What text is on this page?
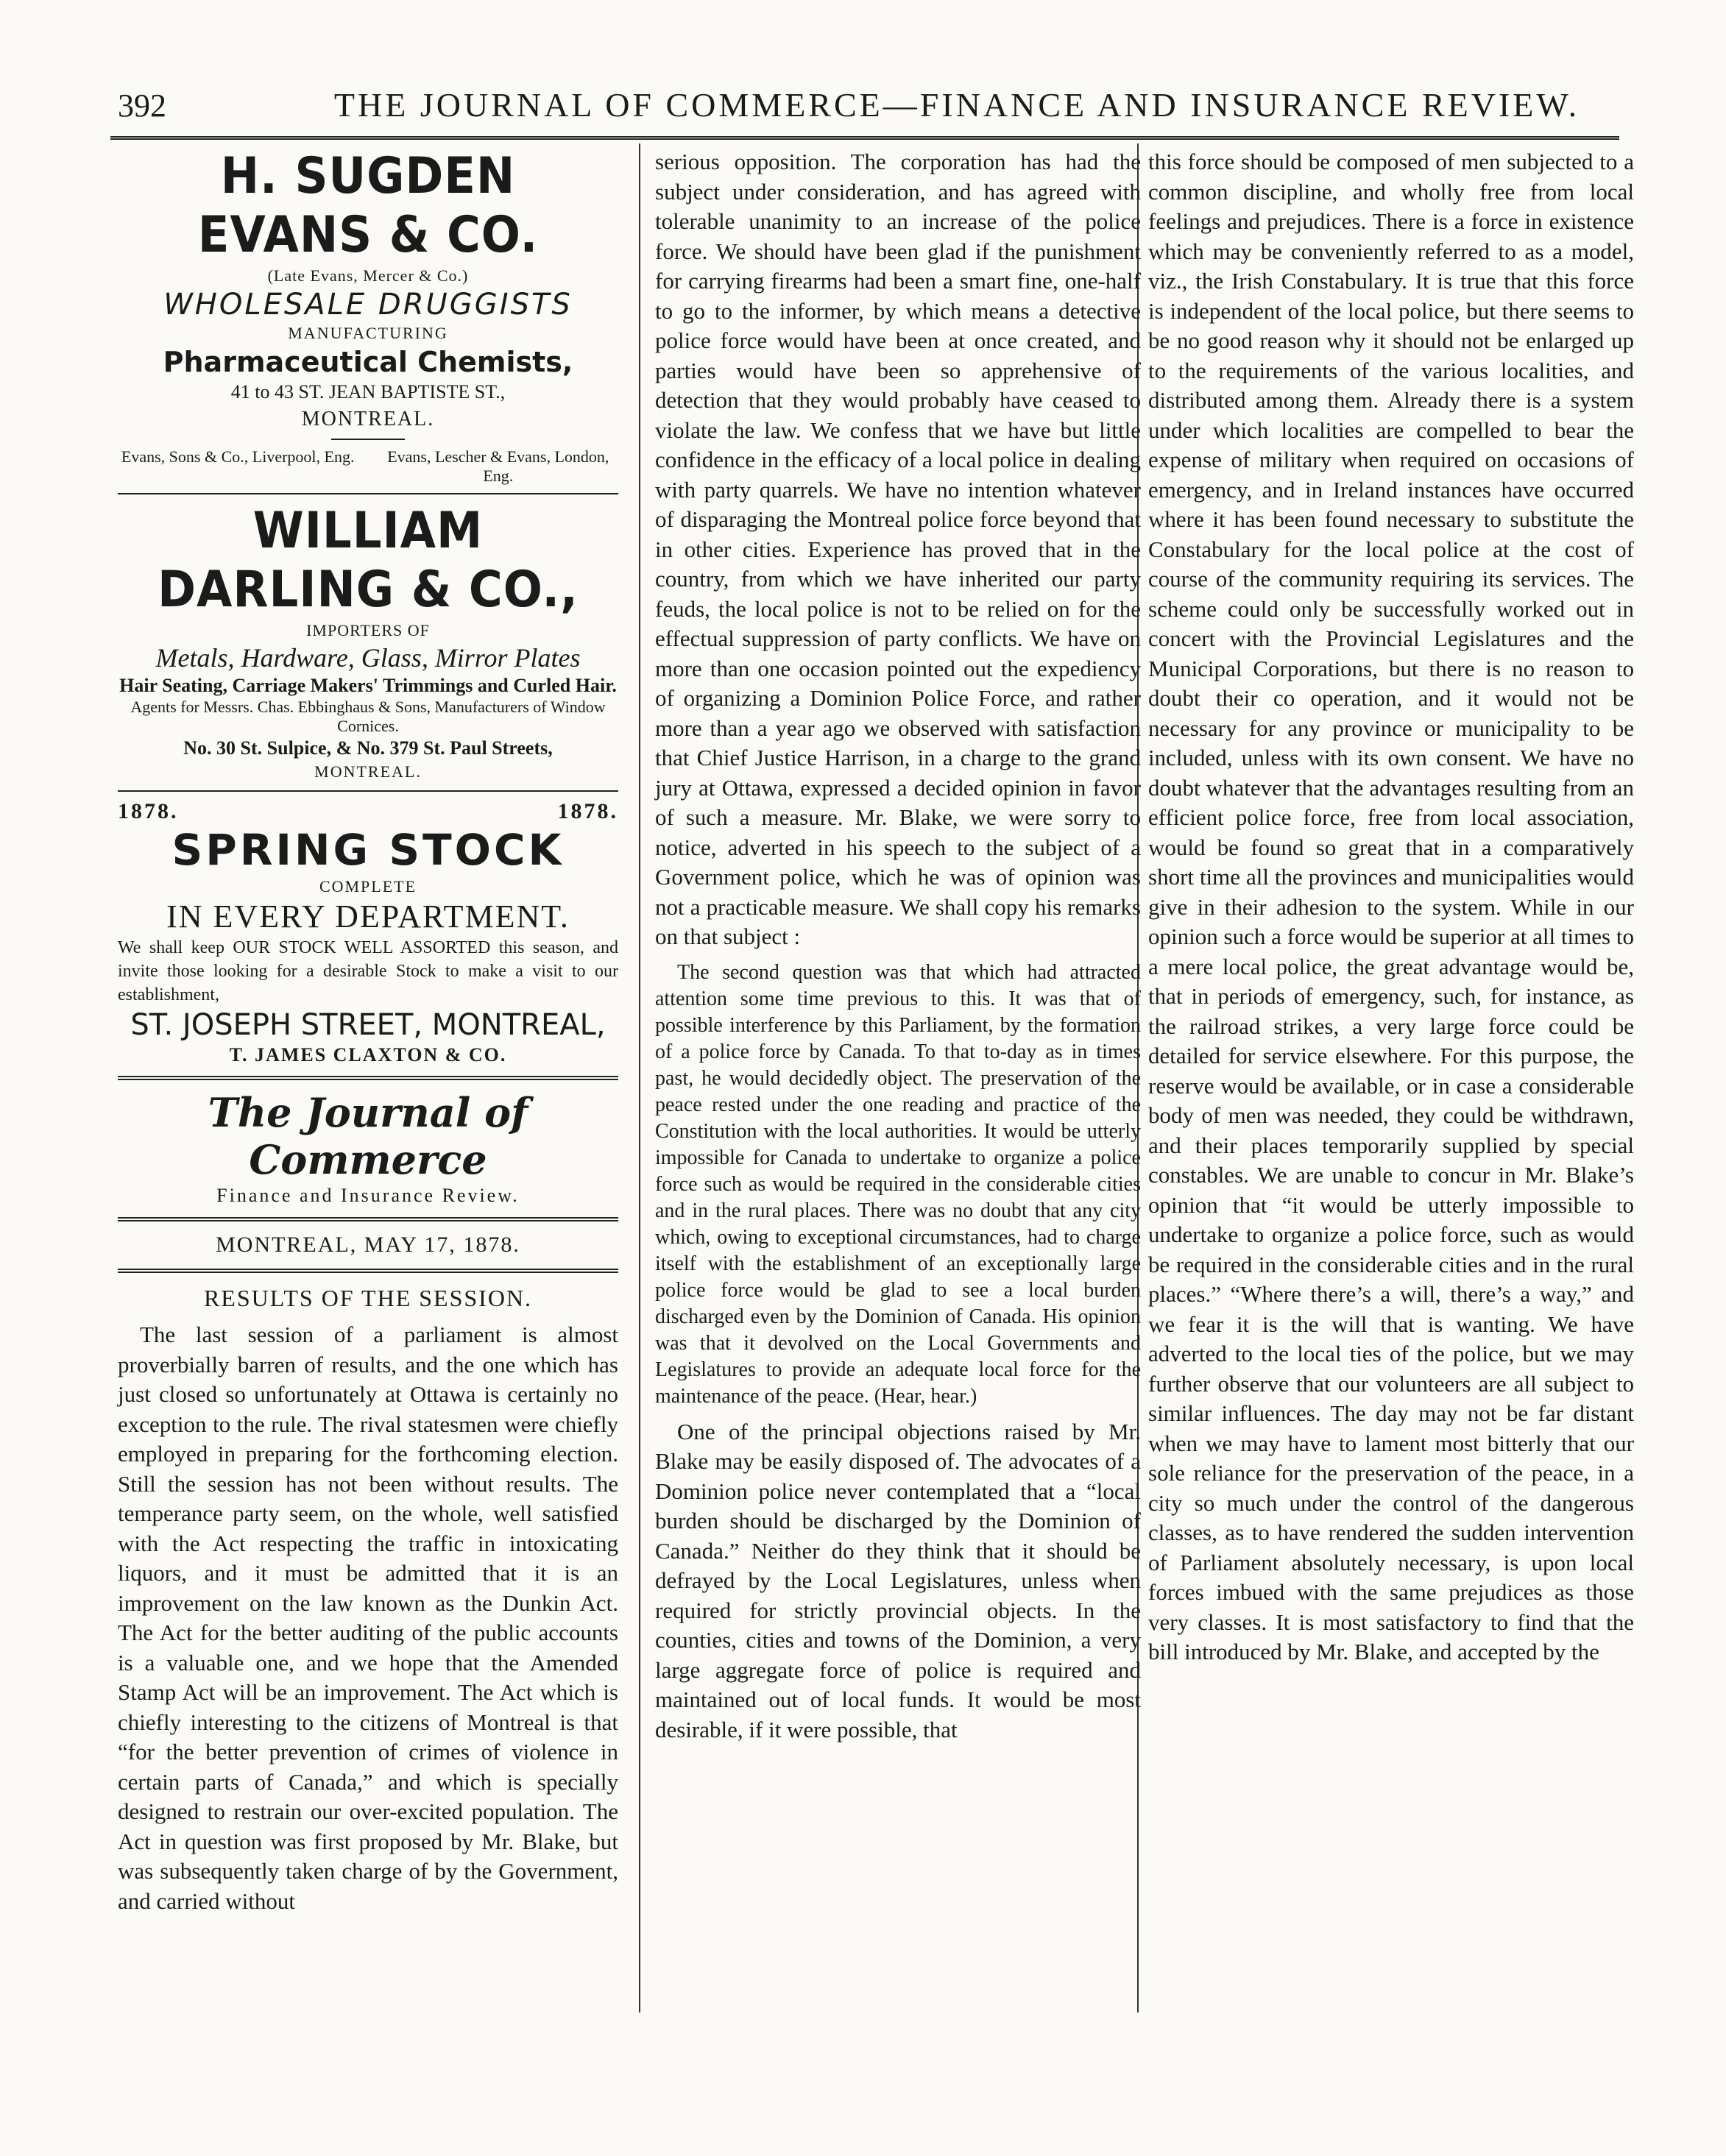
392	THE JOURNAL OF COMMERCE—FINANCE AND INSURANCE REVIEW.
H. SUGDEN EVANS & CO.
(Late Evans, Mercer & Co.)
WHOLESALE DRUGGISTS
MANUFACTURING
Pharmaceutical Chemists,
41 to 43 ST. JEAN BAPTISTE ST.,
MONTREAL.
Evans, Sons & Co., Liverpool, Eng.	Evans, Lescher & Evans, London, Eng.
WILLIAM DARLING & CO.,
IMPORTERS OF
Metals, Hardware, Glass, Mirror Plates
Hair Seating, Carriage Makers' Trimmings and Curled Hair.
Agents for Messrs. Chas. Ebbinghaus & Sons, Manufacturers of Window Cornices.
No. 30 St. Sulpice, & No. 379 St. Paul Streets,
MONTREAL.
1878.	1878.
SPRING STOCK
COMPLETE
IN EVERY DEPARTMENT.
We shall keep OUR STOCK WELL ASSORTED this season, and invite those looking for a desirable Stock to make a visit to our establishment,
ST. JOSEPH STREET, MONTREAL,
T. JAMES CLAXTON & CO.
The Journal of Commerce
Finance and Insurance Review.
MONTREAL, MAY 17, 1878.
RESULTS OF THE SESSION.

The last session of a parliament is almost proverbially barren of results, and the one which has just closed so unfortunately at Ottawa is certainly no exception to the rule. The rival statesmen were chiefly employed in preparing for the forthcoming election. Still the session has not been without results. The temperance party seem, on the whole, well satisfied with the Act respecting the traffic in intoxicating liquors, and it must be admitted that it is an improvement on the law known as the Dunkin Act. The Act for the better auditing of the public accounts is a valuable one, and we hope that the Amended Stamp Act will be an improvement. The Act which is chiefly interesting to the citizens of Montreal is that “for the better prevention of crimes of violence in certain parts of Canada,” and which is specially designed to restrain our over-excited population. The Act in question was first proposed by Mr. Blake, but was subsequently taken charge of by the Government, and carried without

serious opposition. The corporation has had the subject under consideration, and has agreed with tolerable unanimity to an increase of the police force. We should have been glad if the punishment for carrying firearms had been a smart fine, one-half to go to the informer, by which means a detective police force would have been at once created, and parties would have been so apprehensive of detection that they would probably have ceased to violate the law. We confess that we have but little confidence in the efficacy of a local police in dealing with party quarrels. We have no intention whatever of disparaging the Montreal police force beyond that in other cities. Experience has proved that in the country, from which we have inherited our party feuds, the local police is not to be relied on for the effectual suppression of party conflicts. We have on more than one occasion pointed out the expediency of organizing a Dominion Police Force, and rather more than a year ago we observed with satisfaction that Chief Justice Harrison, in a charge to the grand jury at Ottawa, expressed a decided opinion in favor of such a measure. Mr. Blake, we were sorry to notice, adverted in his speech to the subject of a Government police, which he was of opinion was not a practicable measure. We shall copy his remarks on that subject :

The second question was that which had attracted attention some time previous to this. It was that of possible interference by this Parliament, by the formation of a police force by Canada. To that to-day as in times past, he would decidedly object. The preservation of the peace rested under the one reading and practice of the Constitution with the local authorities. It would be utterly impossible for Canada to undertake to organize a police force such as would be required in the considerable cities and in the rural places. There was no doubt that any city which, owing to exceptional circumstances, had to charge itself with the establishment of an exceptionally large police force would be glad to see a local burden discharged even by the Dominion of Canada. His opinion was that it devolved on the Local Governments and Legislatures to provide an adequate local force for the maintenance of the peace. (Hear, hear.)

One of the principal objections raised by Mr. Blake may be easily disposed of. The advocates of a Dominion police never contemplated that a “local burden should be discharged by the Dominion of Canada.” Neither do they think that it should be defrayed by the Local Legislatures, unless when required for strictly provincial objects. In the counties, cities and towns of the Dominion, a very large aggregate force of police is required and maintained out of local funds. It would be most desirable, if it were possible, that

this force should be composed of men subjected to a common discipline, and wholly free from local feelings and prejudices. There is a force in existence which may be conveniently referred to as a model, viz., the Irish Constabulary. It is true that this force is independent of the local police, but there seems to be no good reason why it should not be enlarged up to the requirements of the various localities, and distributed among them. Already there is a system under which localities are compelled to bear the expense of military when required on occasions of emergency, and in Ireland instances have occurred where it has been found necessary to substitute the Constabulary for the local police at the cost of course of the community requiring its services. The scheme could only be successfully worked out in concert with the Provincial Legislatures and the Municipal Corporations, but there is no reason to doubt their co operation, and it would not be necessary for any province or municipality to be included, unless with its own consent. We have no doubt whatever that the advantages resulting from an efficient police force, free from local association, would be found so great that in a comparatively short time all the provinces and municipalities would give in their adhesion to the system. While in our opinion such a force would be superior at all times to a mere local police, the great advantage would be, that in periods of emergency, such, for instance, as the railroad strikes, a very large force could be detailed for service elsewhere. For this purpose, the reserve would be available, or in case a considerable body of men was needed, they could be withdrawn, and their places temporarily supplied by special constables. We are unable to concur in Mr. Blake’s opinion that “it would be utterly impossible to undertake to organize a police force, such as would be required in the considerable cities and in the rural places.” “Where there’s a will, there’s a way,” and we fear it is the will that is wanting. We have adverted to the local ties of the police, but we may further observe that our volunteers are all subject to similar influences. The day may not be far distant when we may have to lament most bitterly that our sole reliance for the preservation of the peace, in a city so much under the control of the dangerous classes, as to have rendered the sudden intervention of Parliament absolutely necessary, is upon local forces imbued with the same prejudices as those very classes. It is most satisfactory to find that the bill introduced by Mr. Blake, and accepted by the
